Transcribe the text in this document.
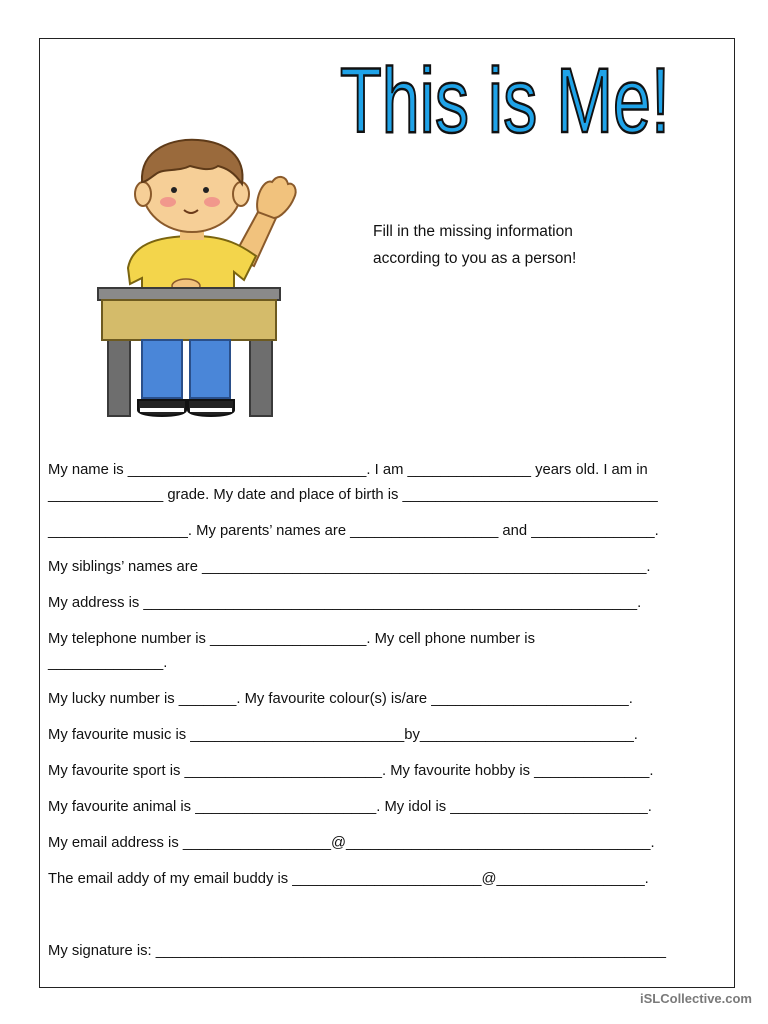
This is Me!
Fill in the missing information
according to you as a person!
My name is _____________________________. I am _______________ years old. I am in
______________ grade. My date and place of birth is _______________________________
_________________. My parents’ names are __________________ and _______________.
My siblings’ names are ______________________________________________________.
My address is ____________________________________________________________.
My telephone number is ___________________. My cell phone number is
______________.
My lucky number is _______. My favourite colour(s) is/are ________________________.
My favourite music is __________________________by__________________________.
My favourite sport is ________________________. My favourite hobby is ______________.
My favourite animal is ______________________. My idol is ________________________.
My email address is __________________@_____________________________________.
The email addy of my email buddy is _______________________@__________________.
My signature is: ______________________________________________________________
iSLCollective.com
